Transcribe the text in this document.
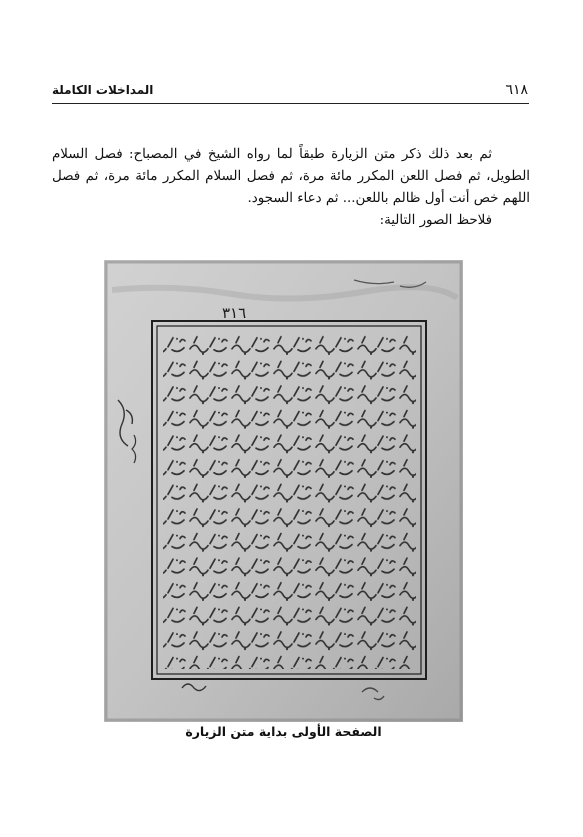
٦١٨
المداخلات الكاملة

ثم بعد ذلك ذكر متن الزيارة طبقاً لما رواه الشيخ في المصباح: فصل السلام الطويل، ثم فصل اللعن المكرر مائة مرة، ثم فصل السلام المكرر مائة مرة، ثم فصل اللهم خص أنت أول ظالم باللعن... ثم دعاء السجود.

فلاحظ الصور التالية:
٣١٦
الصفحة الأولى بداية متن الزيارة
